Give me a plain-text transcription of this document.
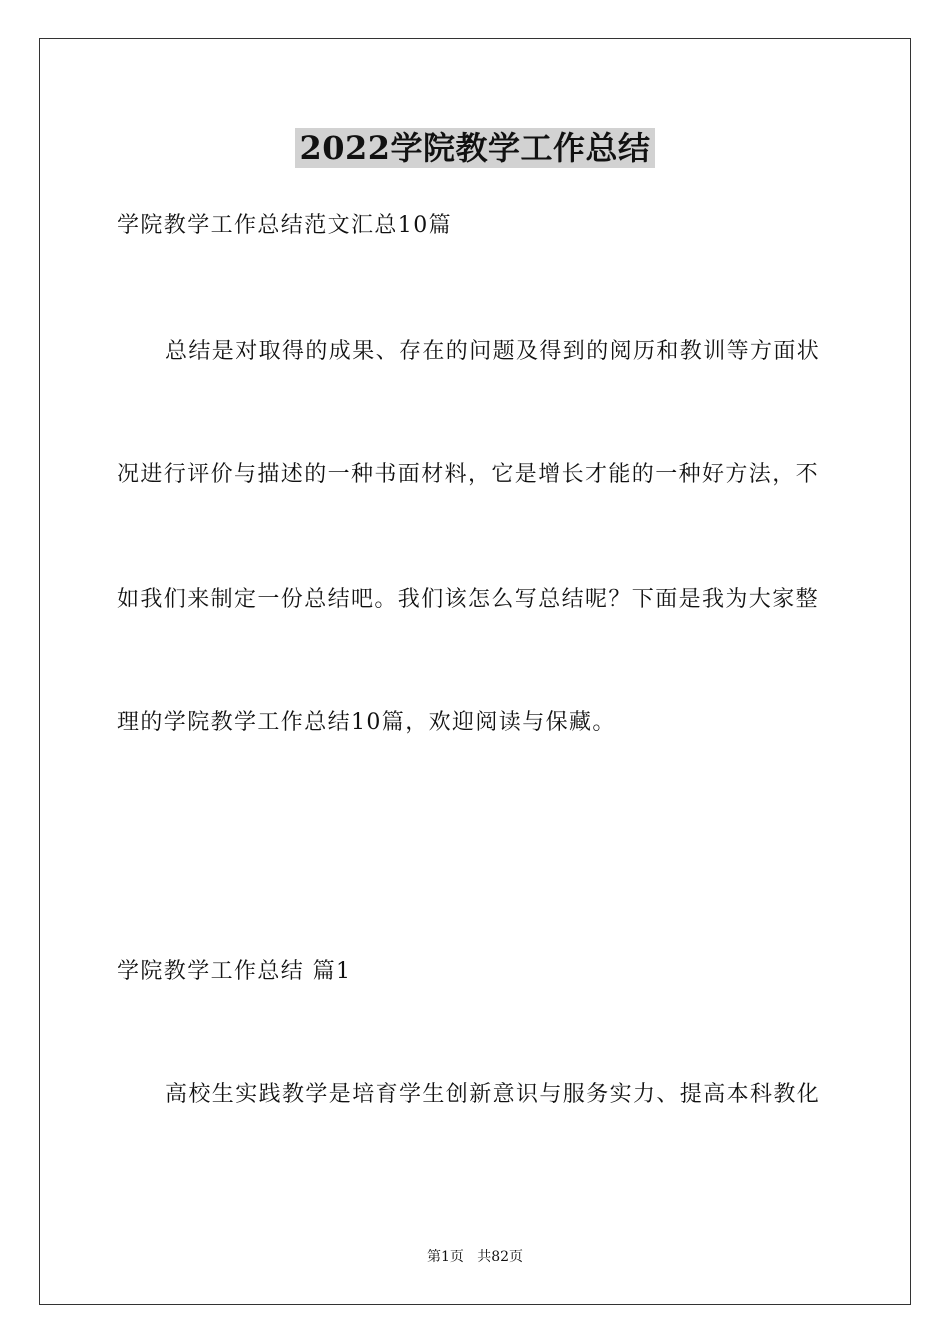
2022学院教学工作总结
学院教学工作总结范文汇总10篇
总结是对取得的成果、存在的问题及得到的阅历和教训等方面状
况进行评价与描述的一种书面材料，它是增长才能的一种好方法，不
如我们来制定一份总结吧。我们该怎么写总结呢？下面是我为大家整
理的学院教学工作总结10篇，欢迎阅读与保藏。
学院教学工作总结 篇1
高校生实践教学是培育学生创新意识与服务实力、提高本科教化
第1页   共82页
